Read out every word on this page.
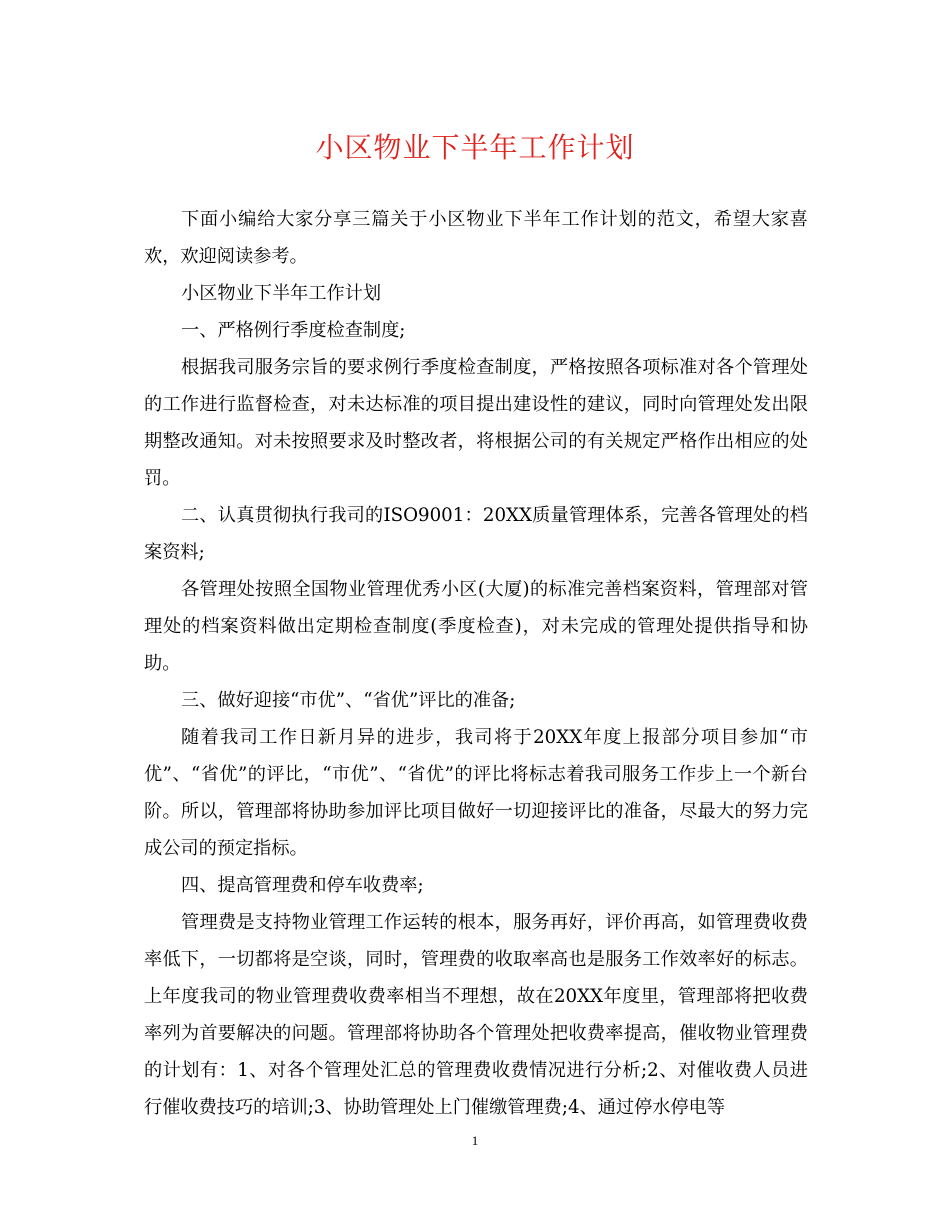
小区物业下半年工作计划

下面小编给大家分享三篇关于小区物业下半年工作计划的范文，希望大家喜欢，欢迎阅读参考。

小区物业下半年工作计划

一、严格例行季度检查制度;

根据我司服务宗旨的要求例行季度检查制度，严格按照各项标准对各个管理处的工作进行监督检查，对未达标准的项目提出建设性的建议，同时向管理处发出限期整改通知。对未按照要求及时整改者，将根据公司的有关规定严格作出相应的处罚。

二、认真贯彻执行我司的ISO9001：20XX质量管理体系，完善各管理处的档案资料;

各管理处按照全国物业管理优秀小区(大厦)的标准完善档案资料，管理部对管理处的档案资料做出定期检查制度(季度检查)，对未完成的管理处提供指导和协助。

三、做好迎接“市优”、“省优”评比的准备;

随着我司工作日新月异的进步，我司将于20XX年度上报部分项目参加“市优”、“省优”的评比，“市优”、“省优”的评比将标志着我司服务工作步上一个新台阶。所以，管理部将协助参加评比项目做好一切迎接评比的准备，尽最大的努力完成公司的预定指标。

四、提高管理费和停车收费率;

管理费是支持物业管理工作运转的根本，服务再好，评价再高，如管理费收费率低下，一切都将是空谈，同时，管理费的收取率高也是服务工作效率好的标志。上年度我司的物业管理费收费率相当不理想，故在20XX年度里，管理部将把收费率列为首要解决的问题。管理部将协助各个管理处把收费率提高，催收物业管理费的计划有：1、对各个管理处汇总的管理费收费情况进行分析;2、对催收费人员进行催收费技巧的培训;3、协助管理处上门催缴管理费;4、通过停水停电等

1
